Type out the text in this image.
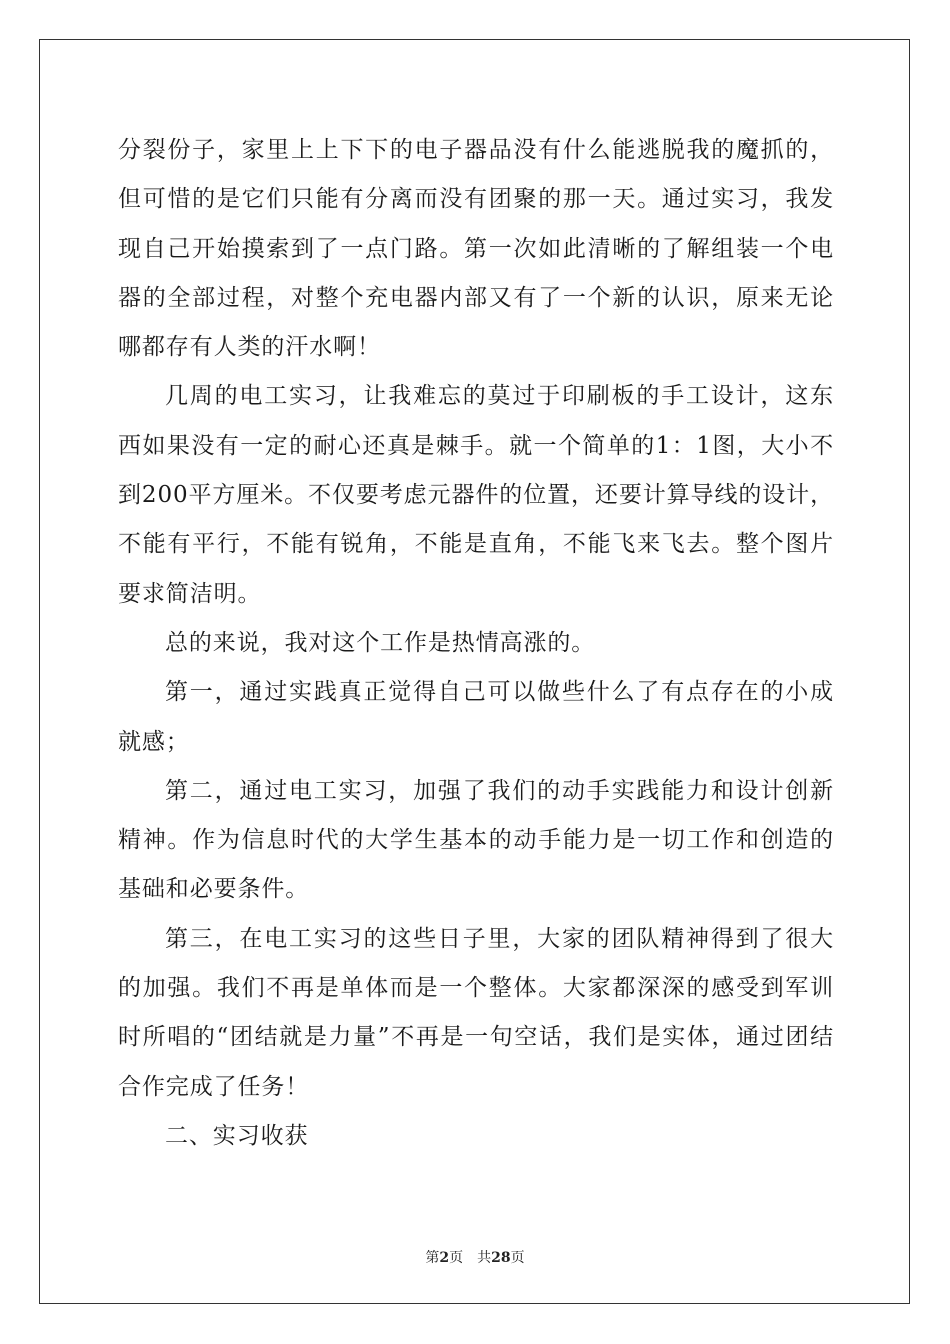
分裂份子，家里上上下下的电子器品没有什么能逃脱我的魔抓的，但可惜的是它们只能有分离而没有团聚的那一天。通过实习，我发现自己开始摸索到了一点门路。第一次如此清晰的了解组装一个电器的全部过程，对整个充电器内部又有了一个新的认识，原来无论哪都存有人类的汗水啊！

几周的电工实习，让我难忘的莫过于印刷板的手工设计，这东西如果没有一定的耐心还真是棘手。就一个简单的1：1图，大小不到200平方厘米。不仅要考虑元器件的位置，还要计算导线的设计，不能有平行，不能有锐角，不能是直角，不能飞来飞去。整个图片要求简洁明。

总的来说，我对这个工作是热情高涨的。

第一，通过实践真正觉得自己可以做些什么了有点存在的小成就感；

第二，通过电工实习，加强了我们的动手实践能力和设计创新精神。作为信息时代的大学生基本的动手能力是一切工作和创造的基础和必要条件。

第三，在电工实习的这些日子里，大家的团队精神得到了很大的加强。我们不再是单体而是一个整体。大家都深深的感受到军训时所唱的“团结就是力量”不再是一句空话，我们是实体，通过团结合作完成了任务！

二、实习收获

第2页 共28页
